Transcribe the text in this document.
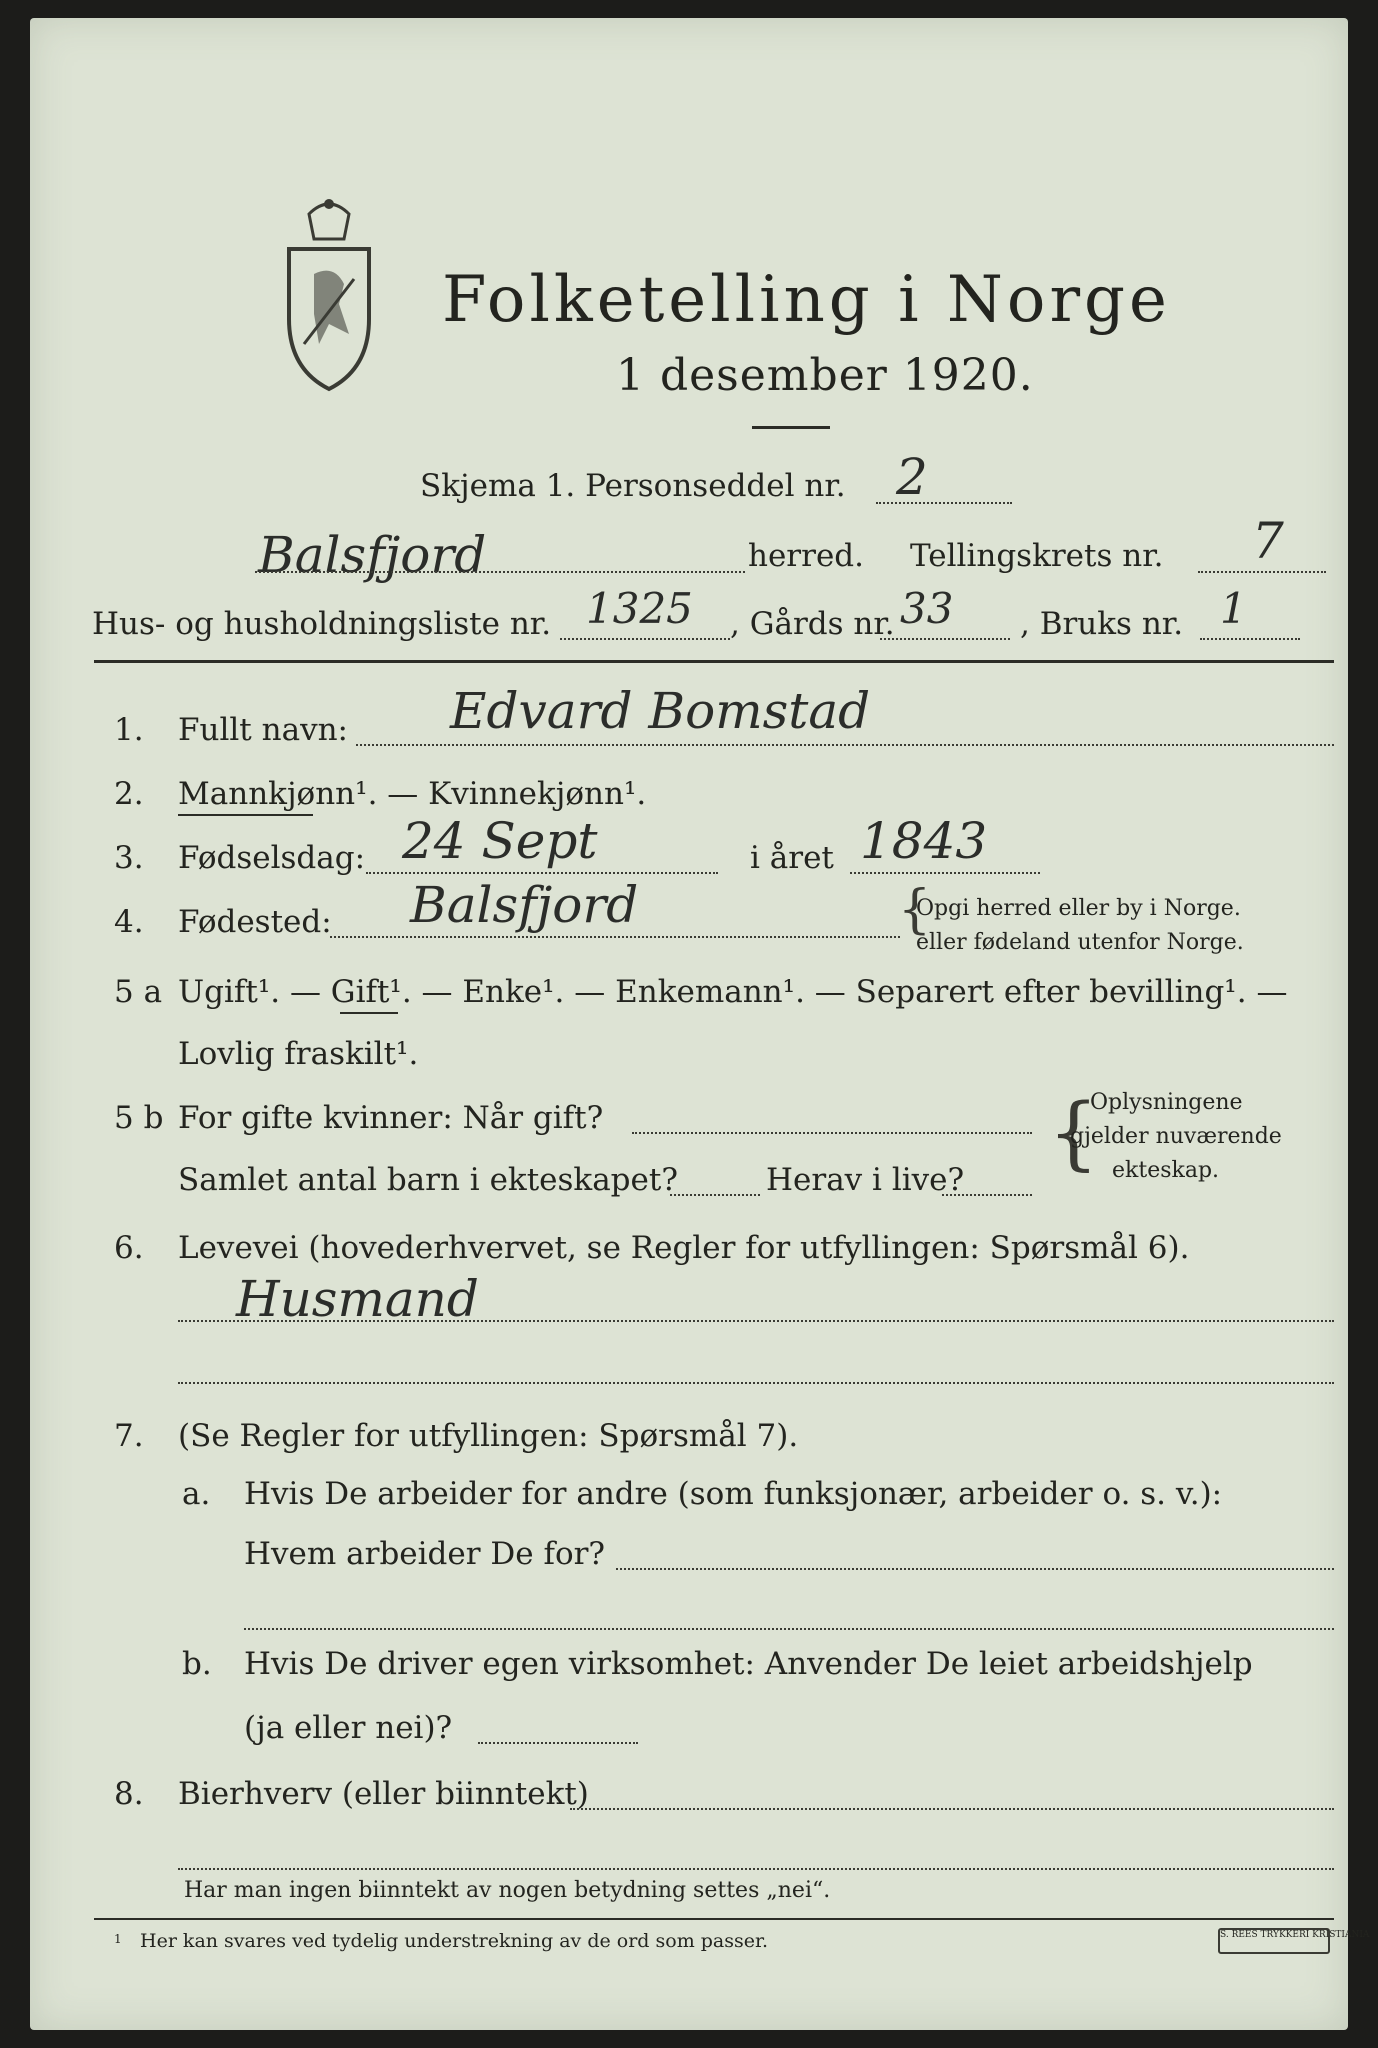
Folketelling i Norge
1 desember 1920.
Skjema 1. Personseddel nr. 2
Balsfjord	herred. Tellingskrets nr. 7
Hus- og husholdningsliste nr. 1325 , Gårds nr. 33 , Bruks nr. 1
1. Fullt navn: Edvard Bomstad
2. Mannkjønn¹. — Kvinnekjønn¹.
3. Fødselsdag: 24 Sept	i året 1843
4. Fødested: Balsfjord	{
Opgi herred eller by i Norge.
eller fødeland utenfor Norge.
5 a Ugift¹. — Gift¹. — Enke¹. — Enkemann¹. — Separert efter bevilling¹. —
Lovlig fraskilt¹.
5 b For gifte kvinner: Når gift?
Samlet antal barn i ekteskapet?	Herav i live?
{
Oplysningene
gjelder nuværende
ekteskap.
6. Levevei (hovederhvervet, se Regler for utfyllingen: Spørsmål 6).
Husmand
7. (Se Regler for utfyllingen: Spørsmål 7).
a. Hvis De arbeider for andre (som funksjonær, arbeider o. s. v.):
Hvem arbeider De for?
b. Hvis De driver egen virksomhet: Anvender De leiet arbeidshjelp
(ja eller nei)?
8. Bierhverv (eller biinntekt)
Har man ingen biinntekt av nogen betydning settes „nei“.
1 Her kan svares ved tydelig understrekning av de ord som passer.	S. REES TRYKKERI KRISTIANIA
